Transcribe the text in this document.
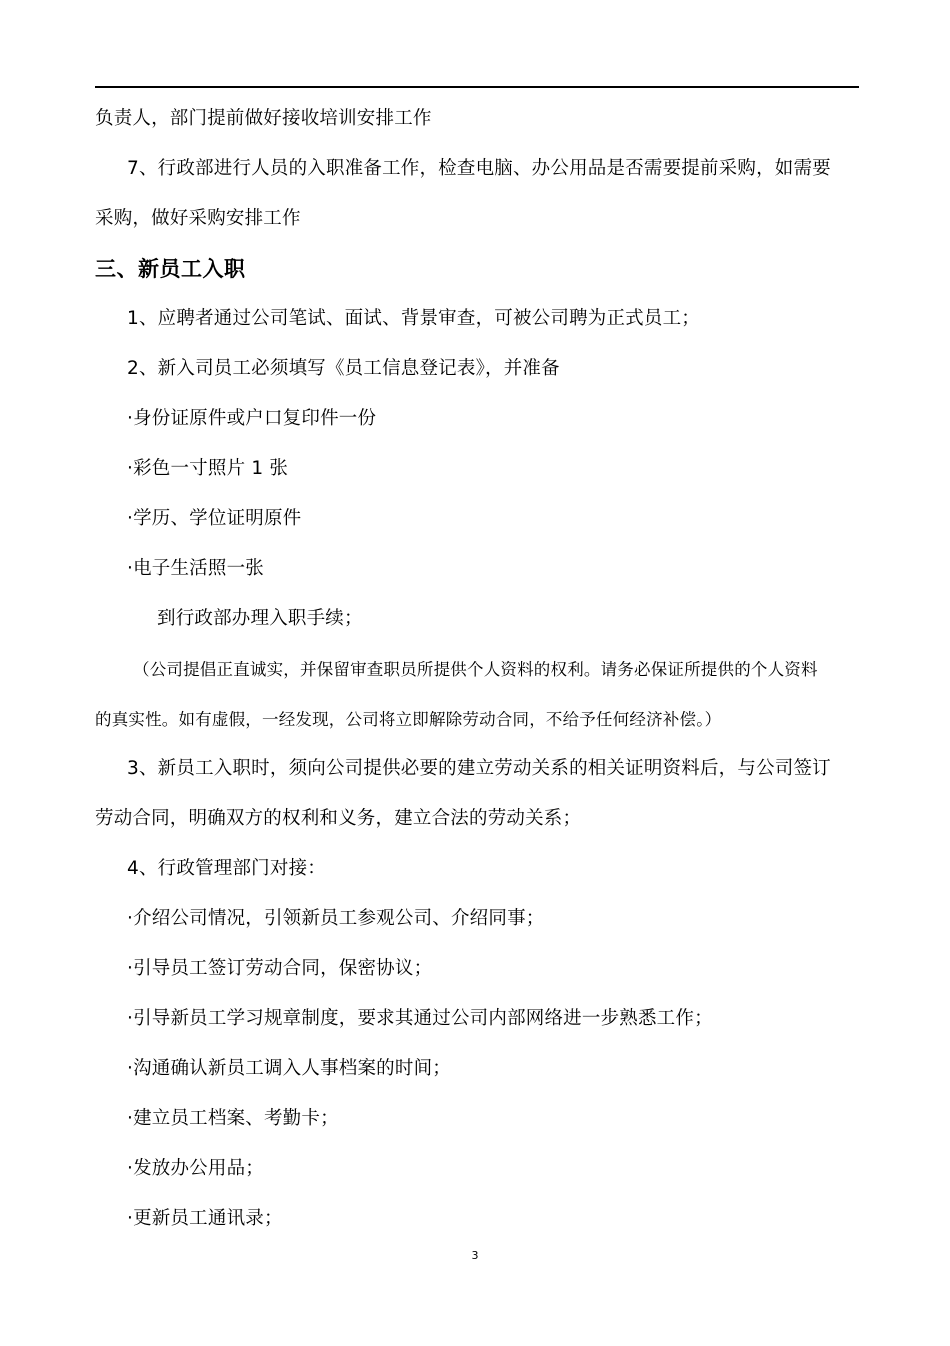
负责人，部门提前做好接收培训安排工作
7、行政部进行人员的入职准备工作，检查电脑、办公用品是否需要提前采购，如需要
采购，做好采购安排工作
三、新员工入职
1、应聘者通过公司笔试、面试、背景审查，可被公司聘为正式员工；
2、新入司员工必须填写《员工信息登记表》，并准备
·身份证原件或户口复印件一份
·彩色一寸照片 1 张
·学历、学位证明原件
·电子生活照一张
到行政部办理入职手续；
（公司提倡正直诚实，并保留审查职员所提供个人资料的权利。请务必保证所提供的个人资料
的真实性。如有虚假，一经发现，公司将立即解除劳动合同，不给予任何经济补偿。）
3、新员工入职时，须向公司提供必要的建立劳动关系的相关证明资料后，与公司签订
劳动合同，明确双方的权利和义务，建立合法的劳动关系；
4、行政管理部门对接：
·介绍公司情况，引领新员工参观公司、介绍同事；
·引导员工签订劳动合同，保密协议；
·引导新员工学习规章制度，要求其通过公司内部网络进一步熟悉工作；
·沟通确认新员工调入人事档案的时间；
·建立员工档案、考勤卡；
·发放办公用品；
·更新员工通讯录；
3
